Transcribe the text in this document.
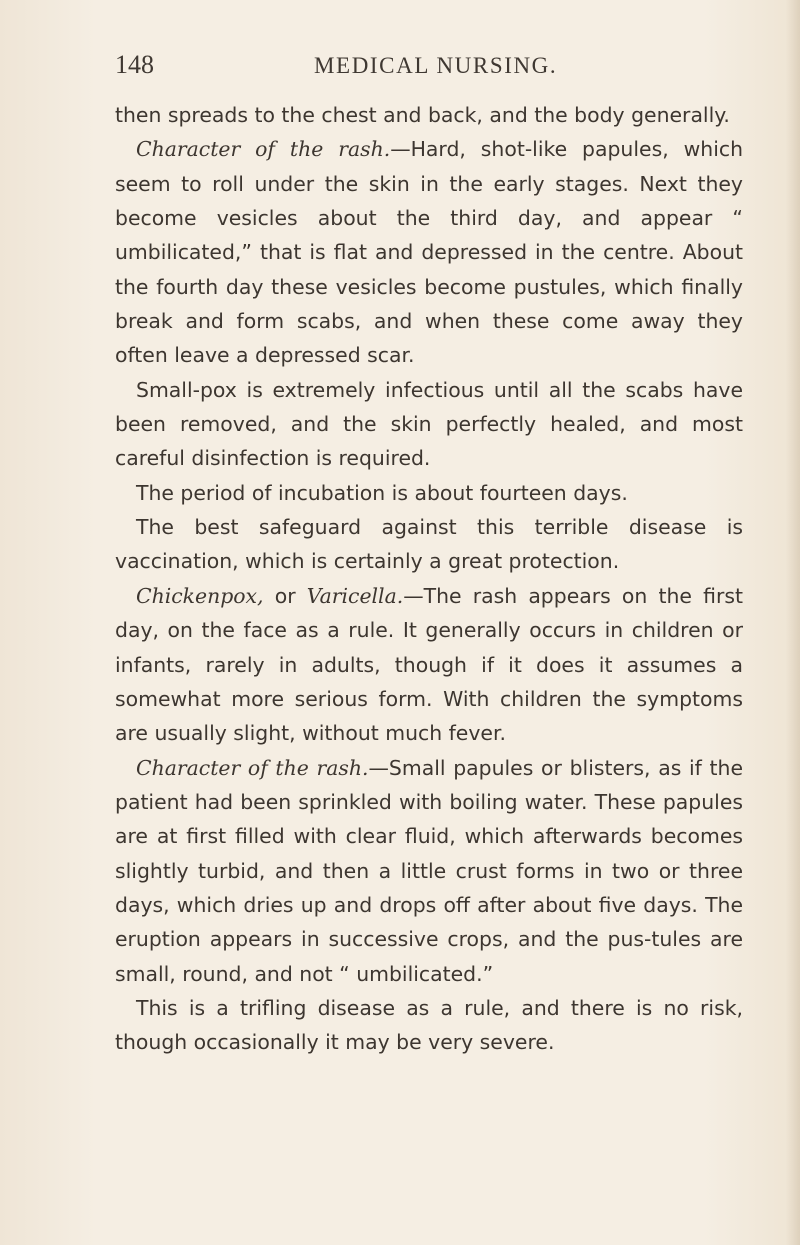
148	MEDICAL NURSING.

then spreads to the chest and back, and the body generally.

Character of the rash.—Hard, shot-like papules, which seem to roll under the skin in the early stages. Next they become vesicles about the third day, and appear “ umbilicated,” that is flat and depressed in the centre. About the fourth day these vesicles become pustules, which finally break and form scabs, and when these come away they often leave a depressed scar.

Small-pox is extremely infectious until all the scabs have been removed, and the skin perfectly healed, and most careful disinfection is required.

The period of incubation is about fourteen days.

The best safeguard against this terrible disease is vaccination, which is certainly a great protection.

Chickenpox, or Varicella.—The rash appears on the first day, on the face as a rule. It generally occurs in children or infants, rarely in adults, though if it does it assumes a somewhat more serious form. With children the symptoms are usually slight, without much fever.

Character of the rash.—Small papules or blisters, as if the patient had been sprinkled with boiling water. These papules are at first filled with clear fluid, which afterwards becomes slightly turbid, and then a little crust forms in two or three days, which dries up and drops off after about five days. The eruption appears in successive crops, and the pus-tules are small, round, and not “ umbilicated.”

This is a trifling disease as a rule, and there is no risk, though occasionally it may be very severe.
